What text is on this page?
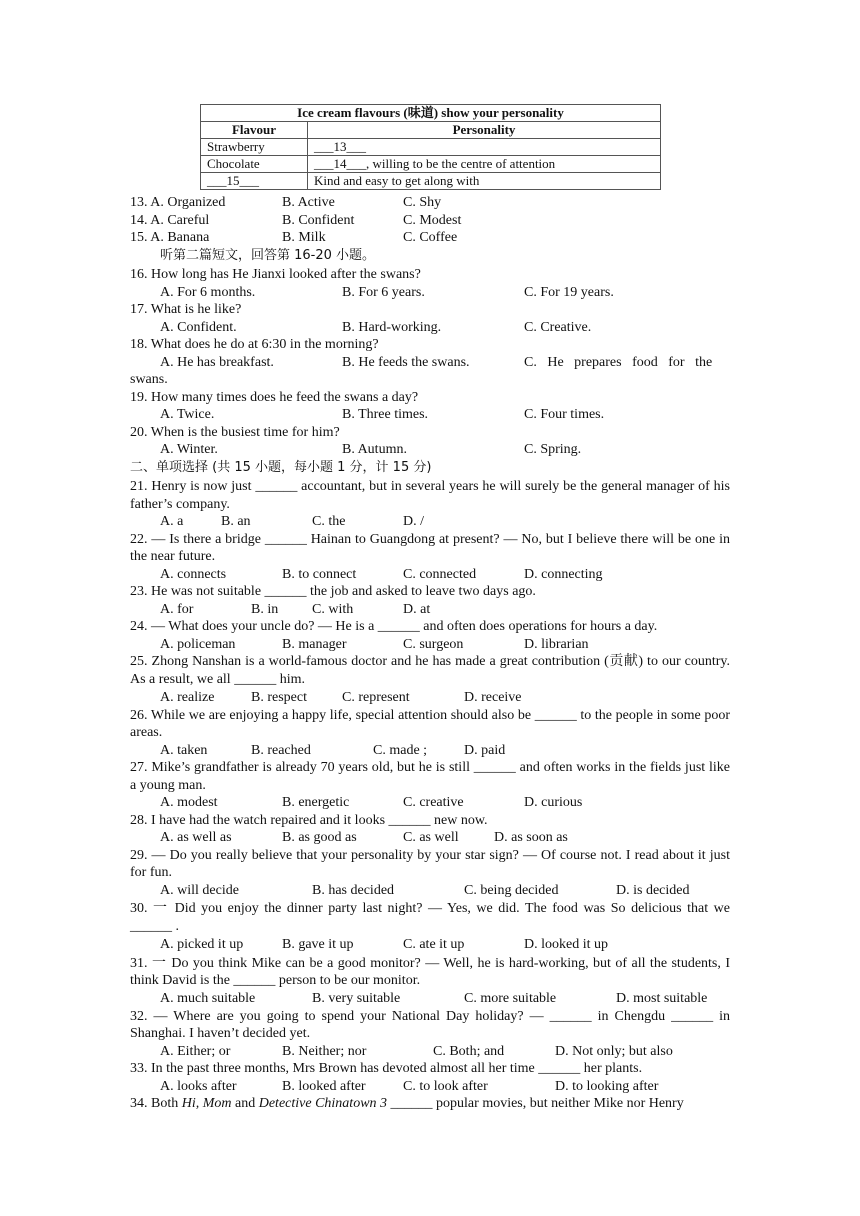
Ice cream flavours (味道) show your personality	
Flavour	Personality
Strawberry	___13___
Chocolate	___14___, willing to be the centre of attention
___15___	Kind and easy to get along with
13. A. Organized	B. Active	C. Shy
14. A. Careful	B. Confident	C. Modest
15. A. Banana	B. Milk	C. Coffee
听第二篇短文，回答第 16-20 小题。
16. How long has He Jianxi looked after the swans?
A. For 6 months.	B. For 6 years.	C. For 19 years.
17. What is he like?
A. Confident.	B. Hard-working.	C. Creative.
18. What does he do at 6:30 in the morning?
A. He has breakfast.	B. He feeds the swans.	C.   He   prepares   food   for   the
swans.
19. How many times does he feed the swans a day?
A. Twice.	B. Three times.	C. Four times.
20. When is the busiest time for him?
A. Winter.	B. Autumn.	C. Spring.
二、单项选择 (共 15 小题，每小题 1 分，计 15 分)
21. Henry is now just ______ accountant, but in several years he will surely be the general manager of his father’s company.
A. a	B. an	C. the	D. /
22. — Is there a bridge ______ Hainan to Guangdong at present? — No, but I believe there will be one in the near future.
A. connects	B. to connect	C. connected	D. connecting
23. He was not suitable ______ the job and asked to leave two days ago.
A. for	B. in C. with	D. at
24. — What does your uncle do? — He is a ______ and often does operations for hours a day.
A. policeman	B. manager	C. surgeon	D. librarian
25. Zhong Nanshan is a world-famous doctor and he has made a great contribution (贡献) to our country. As a result, we all ______ him.
A. realize	B. respect	C. represent	D. receive
26. While we are enjoying a happy life, special attention should also be ______ to the people in some poor areas.
A. taken	B. reached	C. made ;	D. paid
27. Mike’s grandfather is already 70 years old, but he is still ______ and often works in the fields just like a young man.
A. modest	B. energetic	C. creative	D. curious
28. I have had the watch repaired and it looks ______ new now.
A. as well as	B. as good as	C. as well	D. as soon as
29. — Do you really believe that your personality by your star sign? — Of course not. I read about it just for fun.
A. will decide	B. has decided	C. being decided	D. is decided
30. 一 Did you enjoy the dinner party last night? — Yes, we did. The food was So delicious that we ______ .
A. picked it up	B. gave it up	C. ate it up	D. looked it up
31. 一 Do you think Mike can be a good monitor? — Well, he is hard-working, but of all the students, I think David is the ______ person to be our monitor.
A. much suitable	B. very suitable	C. more suitable	D. most suitable
32. — Where are you going to spend your National Day holiday? — ______ in Chengdu ______ in Shanghai. I haven’t decided yet.
A. Either; or	B. Neither; nor	C. Both; and	D. Not only; but also
33. In the past three months, Mrs Brown has devoted almost all her time ______ her plants.
A. looks after	B. looked after	C. to look after	D. to looking after
34. Both Hi, Mom and Detective Chinatown 3 ______ popular movies, but neither Mike nor Henry
